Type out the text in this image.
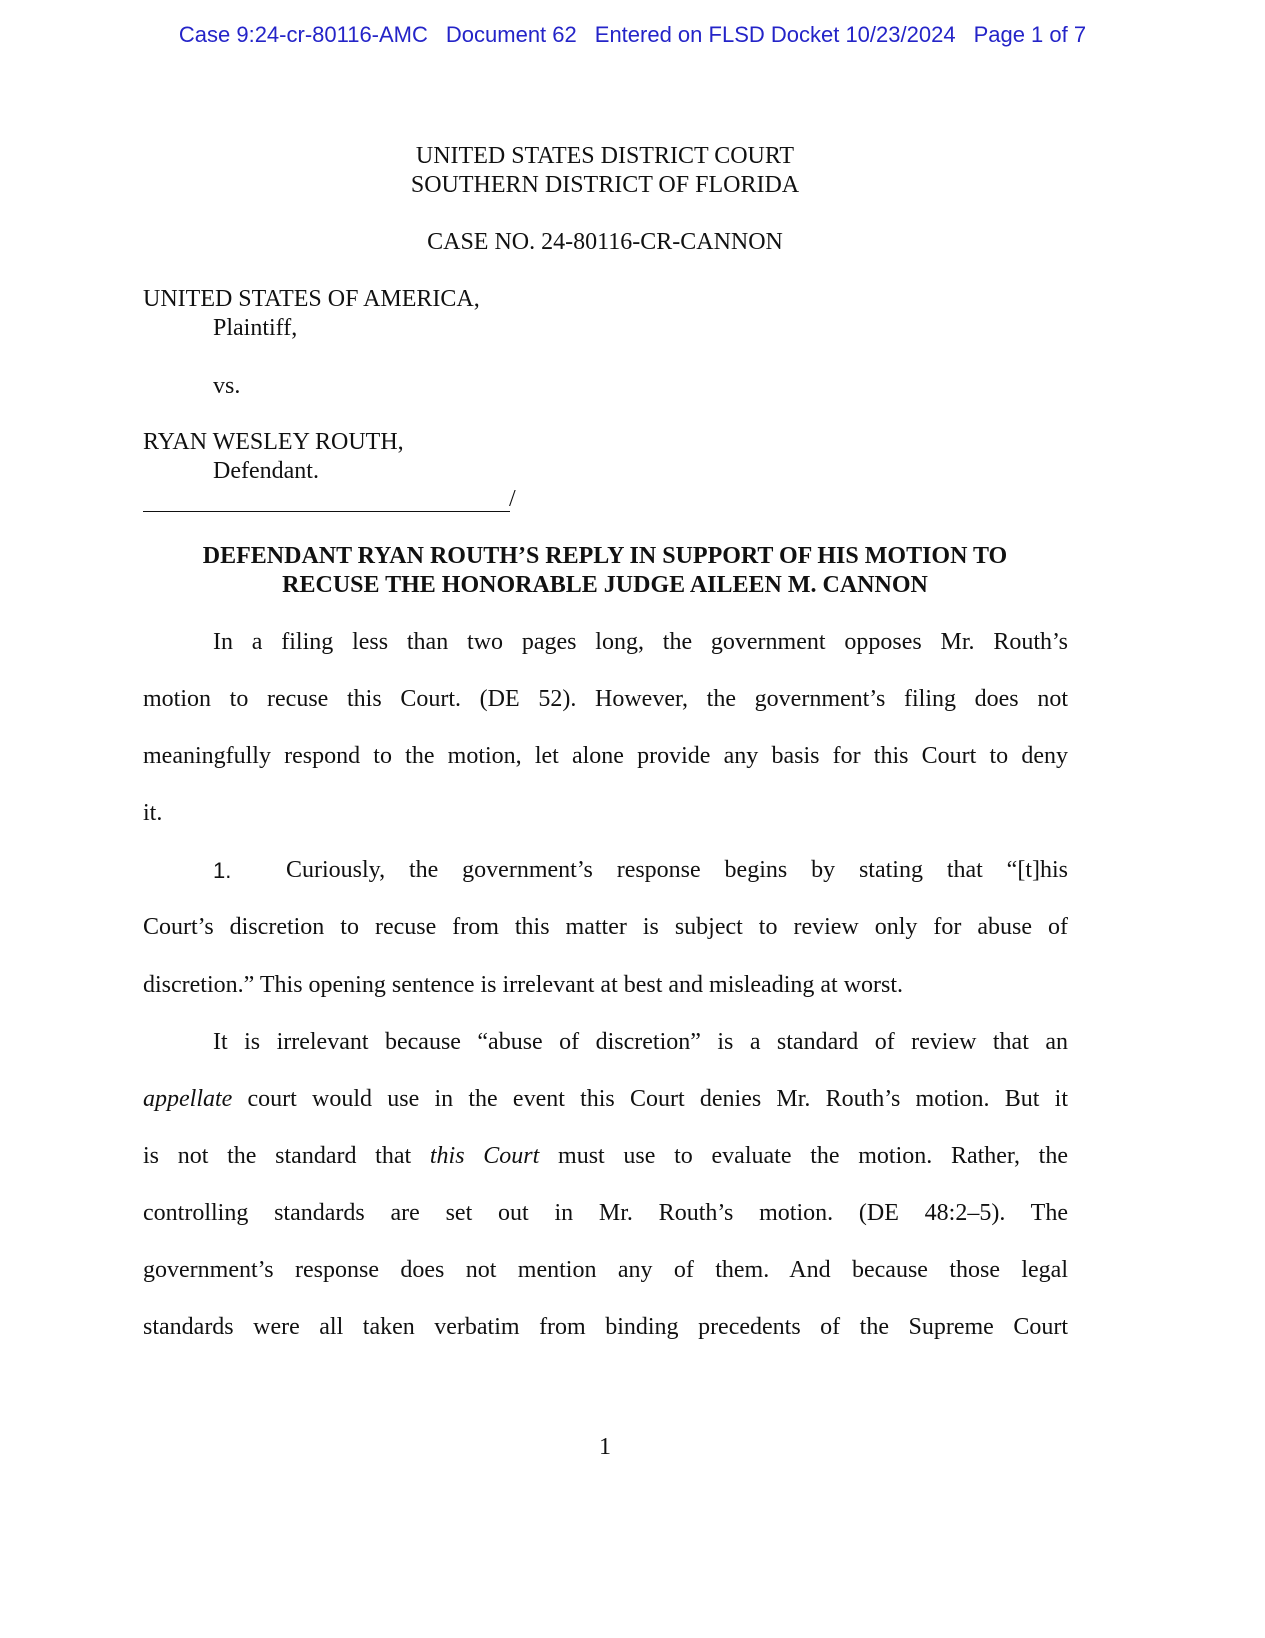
Case 9:24-cr-80116-AMC Document 62 Entered on FLSD Docket 10/23/2024 Page 1 of 7
UNITED STATES DISTRICT COURT
SOUTHERN DISTRICT OF FLORIDA
CASE NO. 24-80116-CR-CANNON
UNITED STATES OF AMERICA,
Plaintiff,
vs.
RYAN WESLEY ROUTH,
Defendant.
/
DEFENDANT RYAN ROUTH’S REPLY IN SUPPORT OF HIS MOTION TO
RECUSE THE HONORABLE JUDGE AILEEN M. CANNON
In a filing less than two pages long, the government opposes Mr. Routh’s
motion to recuse this Court. (DE 52). However, the government’s filing does not
meaningfully respond to the motion, let alone provide any basis for this Court to deny
it.
1. Curiously, the government’s response begins by stating that “[t]his
Court’s discretion to recuse from this matter is subject to review only for abuse of
discretion.” This opening sentence is irrelevant at best and misleading at worst.
It is irrelevant because “abuse of discretion” is a standard of review that an
appellate court would use in the event this Court denies Mr. Routh’s motion. But it
is not the standard that this Court must use to evaluate the motion. Rather, the
controlling standards are set out in Mr. Routh’s motion. (DE 48:2–5). The
government’s response does not mention any of them. And because those legal
standards were all taken verbatim from binding precedents of the Supreme Court
1
